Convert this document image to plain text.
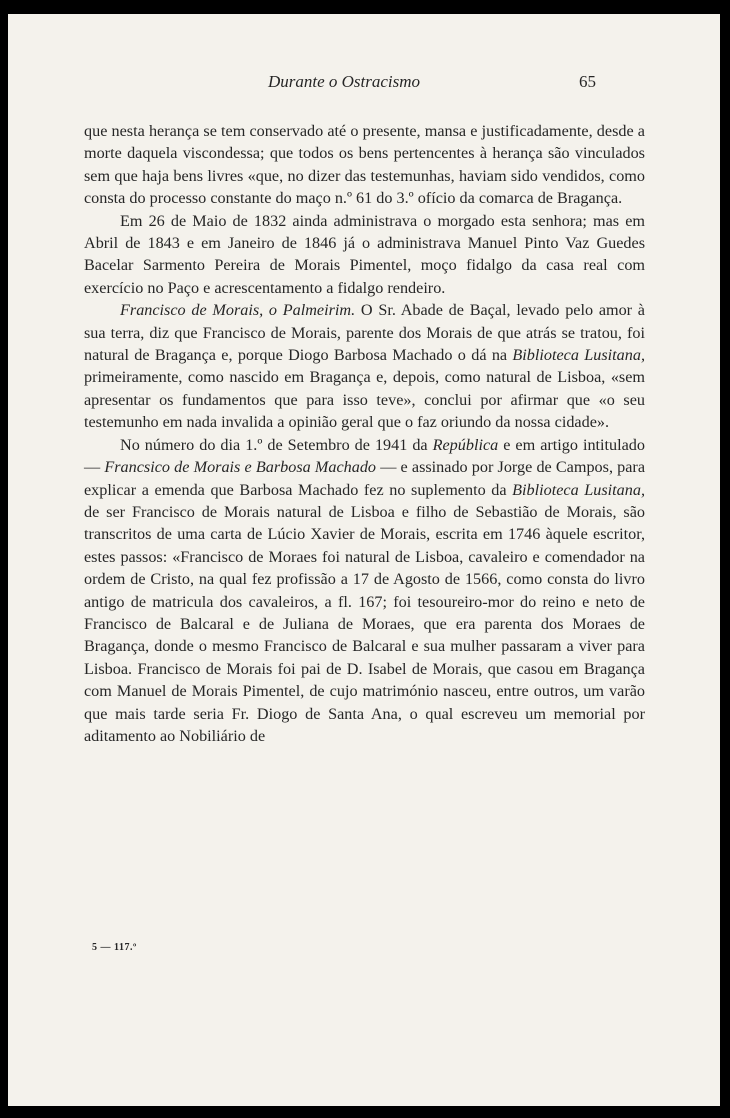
Durante o Ostracismo	65

que nesta herança se tem conservado até o presente, mansa e justificadamente, desde a morte daquela viscondessa; que todos os bens pertencentes à herança são vinculados sem que haja bens livres «que, no dizer das testemunhas, haviam sido vendidos, como consta do processo constante do maço n.º 61 do 3.º ofício da comarca de Bragança.

Em 26 de Maio de 1832 ainda administrava o morgado esta senhora; mas em Abril de 1843 e em Janeiro de 1846 já o administrava Manuel Pinto Vaz Guedes Bacelar Sarmento Pereira de Morais Pimentel, moço fidalgo da casa real com exercício no Paço e acrescentamento a fidalgo rendeiro.

Francisco de Morais, o Palmeirim. O Sr. Abade de Baçal, levado pelo amor à sua terra, diz que Francisco de Morais, parente dos Morais de que atrás se tratou, foi natural de Bragança e, porque Diogo Barbosa Machado o dá na Biblioteca Lusitana, primeiramente, como nascido em Bragança e, depois, como natural de Lisboa, «sem apresentar os fundamentos que para isso teve», conclui por afirmar que «o seu testemunho em nada invalida a opinião geral que o faz oriundo da nossa cidade».

No número do dia 1.º de Setembro de 1941 da República e em artigo intitulado — Francsico de Morais e Barbosa Machado — e assinado por Jorge de Campos, para explicar a emenda que Barbosa Machado fez no suplemento da Biblioteca Lusitana, de ser Francisco de Morais natural de Lisboa e filho de Sebastião de Morais, são transcritos de uma carta de Lúcio Xavier de Morais, escrita em 1746 àquele escritor, estes passos: «Francisco de Moraes foi natural de Lisboa, cavaleiro e comendador na ordem de Cristo, na qual fez profissão a 17 de Agosto de 1566, como consta do livro antigo de matricula dos cavaleiros, a fl. 167; foi tesoureiro-mor do reino e neto de Francisco de Balcaral e de Juliana de Moraes, que era parenta dos Moraes de Bragança, donde o mesmo Francisco de Balcaral e sua mulher passaram a viver para Lisboa. Francisco de Morais foi pai de D. Isabel de Morais, que casou em Bragança com Manuel de Morais Pimentel, de cujo matrimónio nasceu, entre outros, um varão que mais tarde seria Fr. Diogo de Santa Ana, o qual escreveu um memorial por aditamento ao Nobiliário de

5 — 117.º
